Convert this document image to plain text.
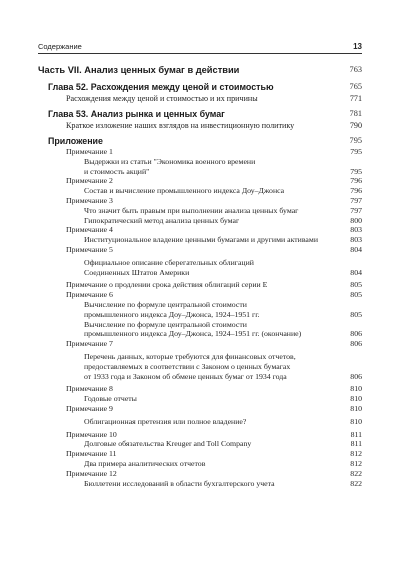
Содержание	13
Часть VII. Анализ ценных бумаг в действии	763
Глава 52. Расхождения между ценой и стоимостью	765
Расхождения между ценой и стоимостью и их причины	771
Глава 53. Анализ рынка и ценных бумаг	781
Краткое изложение наших взглядов на инвестиционную политику	790
Приложение	795
Примечание 1	795
Выдержки из статьи "Экономика военного времени
и стоимость акций"	795
Примечание 2	796
Состав и вычисление промышленного индекса Доу–Джонса	796
Примечание 3	797
Что значит быть правым при выполнении анализа ценных бумаг	797
Гипократический метод анализа ценных бумаг	800
Примечание 4	803
Институциональное владение ценными бумагами и другими активами	803
Примечание 5	804
Официальное описание сберегательных облигаций
Соединенных Штатов Америки	804
Примечание о продлении срока действия облигаций серии Е	805
Примечание 6	805
Вычисление по формуле центральной стоимости
промышленного индекса Доу–Джонса, 1924–1951 гг.	805
Вычисление по формуле центральной стоимости
промышленного индекса Доу–Джонса, 1924–1951 гг. (окончание)	806
Примечание 7	806
Перечень данных, которые требуются для финансовых отчетов,
предоставляемых в соответствии с Законом о ценных бумагах
от 1933 года и Законом об обмене ценных бумаг от 1934 года	806
Примечание 8	810
Годовые отчеты	810
Примечание 9	810
Облигационная претензия или полное владение?	810
Примечание 10	811
Долговые обязательства Kreuger and Toll Company	811
Примечание 11	812
Два примера аналитических отчетов	812
Примечание 12	822
Бюллетени исследований в области бухгалтерского учета	822
